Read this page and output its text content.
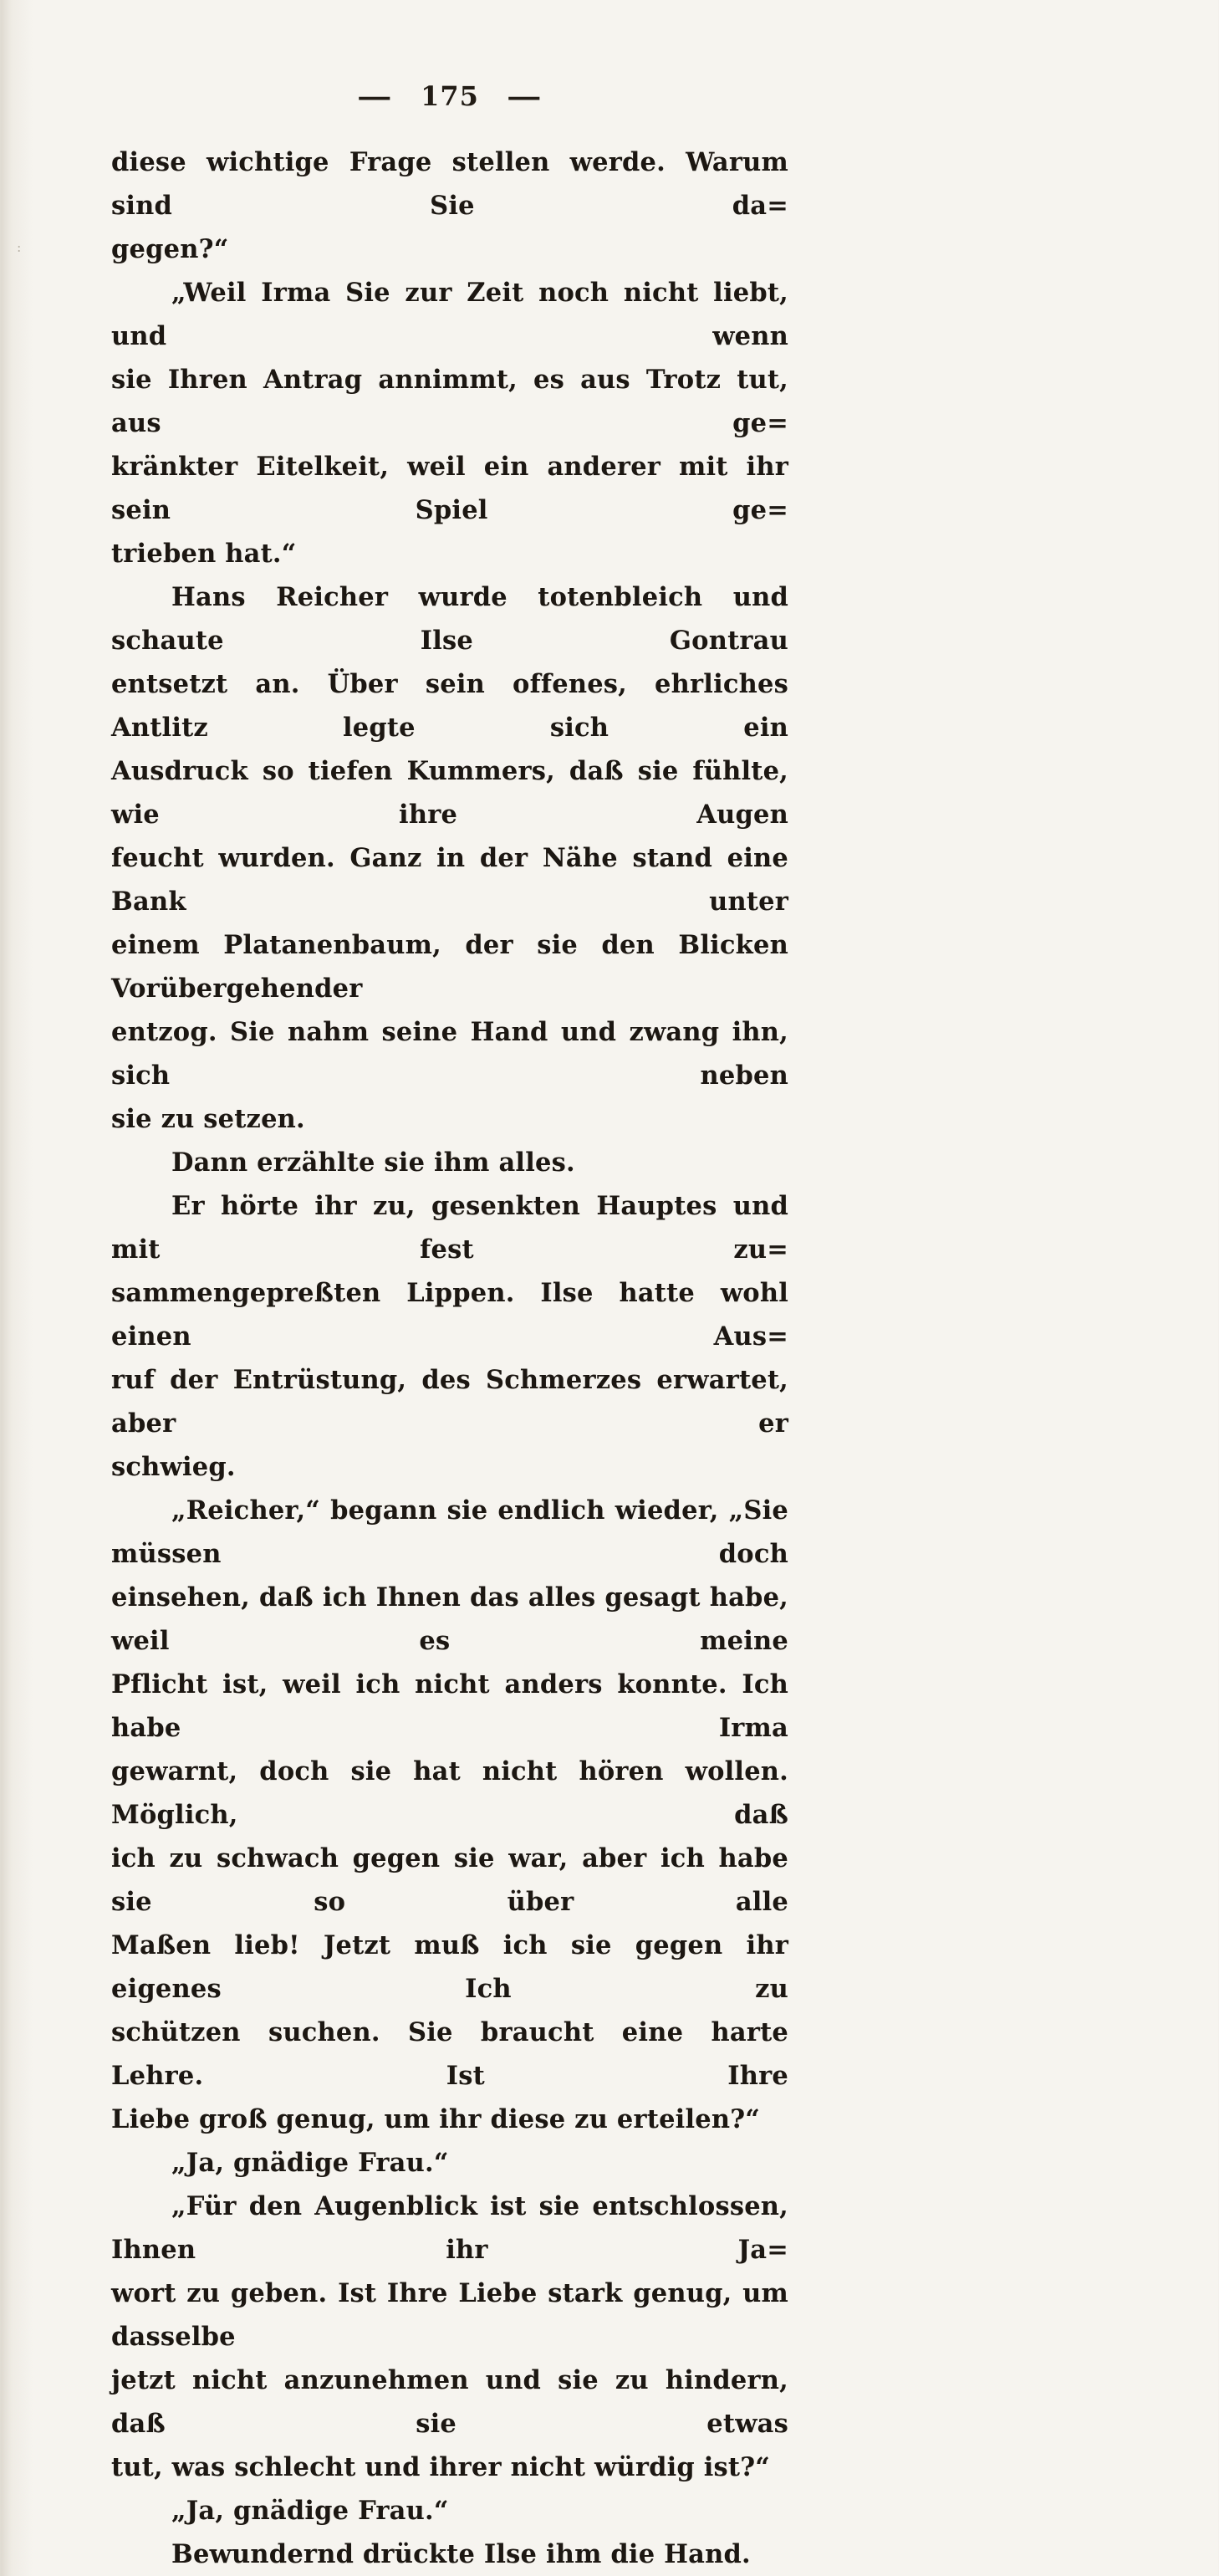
— 175 —
diese wichtige Frage stellen werde. Warum sind Sie da=
gegen?“
„Weil Irma Sie zur Zeit noch nicht liebt, und wenn
sie Ihren Antrag annimmt, es aus Trotz tut, aus ge=
kränkter Eitelkeit, weil ein anderer mit ihr sein Spiel ge=
trieben hat.“
Hans Reicher wurde totenbleich und schaute Ilse Gontrau
entsetzt an. Über sein offenes, ehrliches Antlitz legte sich ein
Ausdruck so tiefen Kummers, daß sie fühlte, wie ihre Augen
feucht wurden. Ganz in der Nähe stand eine Bank unter
einem Platanenbaum, der sie den Blicken Vorübergehender
entzog. Sie nahm seine Hand und zwang ihn, sich neben
sie zu setzen.
Dann erzählte sie ihm alles.
Er hörte ihr zu, gesenkten Hauptes und mit fest zu=
sammengepreßten Lippen. Ilse hatte wohl einen Aus=
ruf der Entrüstung, des Schmerzes erwartet, aber er
schwieg.
„Reicher,“ begann sie endlich wieder, „Sie müssen doch
einsehen, daß ich Ihnen das alles gesagt habe, weil es meine
Pflicht ist, weil ich nicht anders konnte. Ich habe Irma
gewarnt, doch sie hat nicht hören wollen. Möglich, daß
ich zu schwach gegen sie war, aber ich habe sie so über alle
Maßen lieb! Jetzt muß ich sie gegen ihr eigenes Ich zu
schützen suchen. Sie braucht eine harte Lehre. Ist Ihre
Liebe groß genug, um ihr diese zu erteilen?“
„Ja, gnädige Frau.“
„Für den Augenblick ist sie entschlossen, Ihnen ihr Ja=
wort zu geben. Ist Ihre Liebe stark genug, um dasselbe
jetzt nicht anzunehmen und sie zu hindern, daß sie etwas
tut, was schlecht und ihrer nicht würdig ist?“
„Ja, gnädige Frau.“
Bewundernd drückte Ilse ihm die Hand.
:
